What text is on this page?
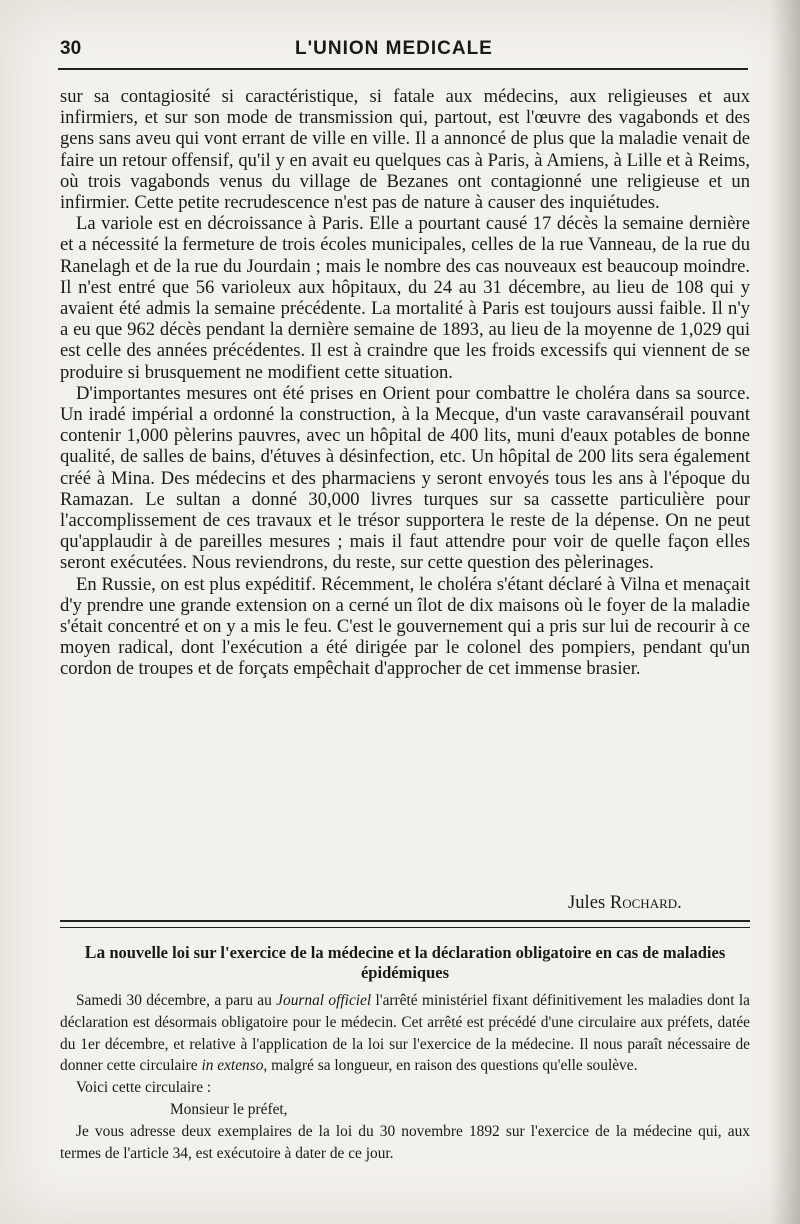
30	L'UNION MEDICALE

sur sa contagiosité si caractéristique, si fatale aux médecins, aux religieuses et aux infirmiers, et sur son mode de transmission qui, partout, est l'œuvre des vagabonds et des gens sans aveu qui vont errant de ville en ville. Il a annoncé de plus que la maladie venait de faire un retour offensif, qu'il y en avait eu quelques cas à Paris, à Amiens, à Lille et à Reims, où trois vagabonds venus du village de Bezanes ont contagionné une religieuse et un infirmier. Cette petite recrudescence n'est pas de nature à causer des inquiétudes.

La variole est en décroissance à Paris. Elle a pourtant causé 17 décès la semaine dernière et a nécessité la fermeture de trois écoles municipales, celles de la rue Vanneau, de la rue du Ranelagh et de la rue du Jourdain ; mais le nombre des cas nouveaux est beaucoup moindre. Il n'est entré que 56 varioleux aux hôpitaux, du 24 au 31 décembre, au lieu de 108 qui y avaient été admis la semaine précédente. La mortalité à Paris est toujours aussi faible. Il n'y a eu que 962 décès pendant la dernière semaine de 1893, au lieu de la moyenne de 1,029 qui est celle des années précédentes. Il est à craindre que les froids excessifs qui viennent de se produire si brusquement ne modifient cette situation.

D'importantes mesures ont été prises en Orient pour combattre le choléra dans sa source. Un iradé impérial a ordonné la construction, à la Mecque, d'un vaste caravansérail pouvant contenir 1,000 pèlerins pauvres, avec un hôpital de 400 lits, muni d'eaux potables de bonne qualité, de salles de bains, d'étuves à désinfection, etc. Un hôpital de 200 lits sera également créé à Mina. Des médecins et des pharmaciens y seront envoyés tous les ans à l'époque du Ramazan. Le sultan a donné 30,000 livres turques sur sa cassette particulière pour l'accomplissement de ces travaux et le trésor supportera le reste de la dépense. On ne peut qu'applaudir à de pareilles mesures ; mais il faut attendre pour voir de quelle façon elles seront exécutées. Nous reviendrons, du reste, sur cette question des pèlerinages.

En Russie, on est plus expéditif. Récemment, le choléra s'étant déclaré à Vilna et menaçait d'y prendre une grande extension on a cerné un îlot de dix maisons où le foyer de la maladie s'était concentré et on y a mis le feu. C'est le gouvernement qui a pris sur lui de recourir à ce moyen radical, dont l'exécution a été dirigée par le colonel des pompiers, pendant qu'un cordon de troupes et de forçats empêchait d'approcher de cet immense brasier.

Jules Rochard.
La nouvelle loi sur l'exercice de la médecine et la déclaration obligatoire en cas de maladies épidémiques

Samedi 30 décembre, a paru au Journal officiel l'arrêté ministériel fixant définitivement les maladies dont la déclaration est désormais obligatoire pour le médecin. Cet arrêté est précédé d'une circulaire aux préfets, datée du 1er décembre, et relative à l'application de la loi sur l'exercice de la médecine. Il nous paraît nécessaire de donner cette circulaire in extenso, malgré sa longueur, en raison des questions qu'elle soulève.

Voici cette circulaire :

Monsieur le préfet,

Je vous adresse deux exemplaires de la loi du 30 novembre 1892 sur l'exercice de la médecine qui, aux termes de l'article 34, est exécutoire à dater de ce jour.
